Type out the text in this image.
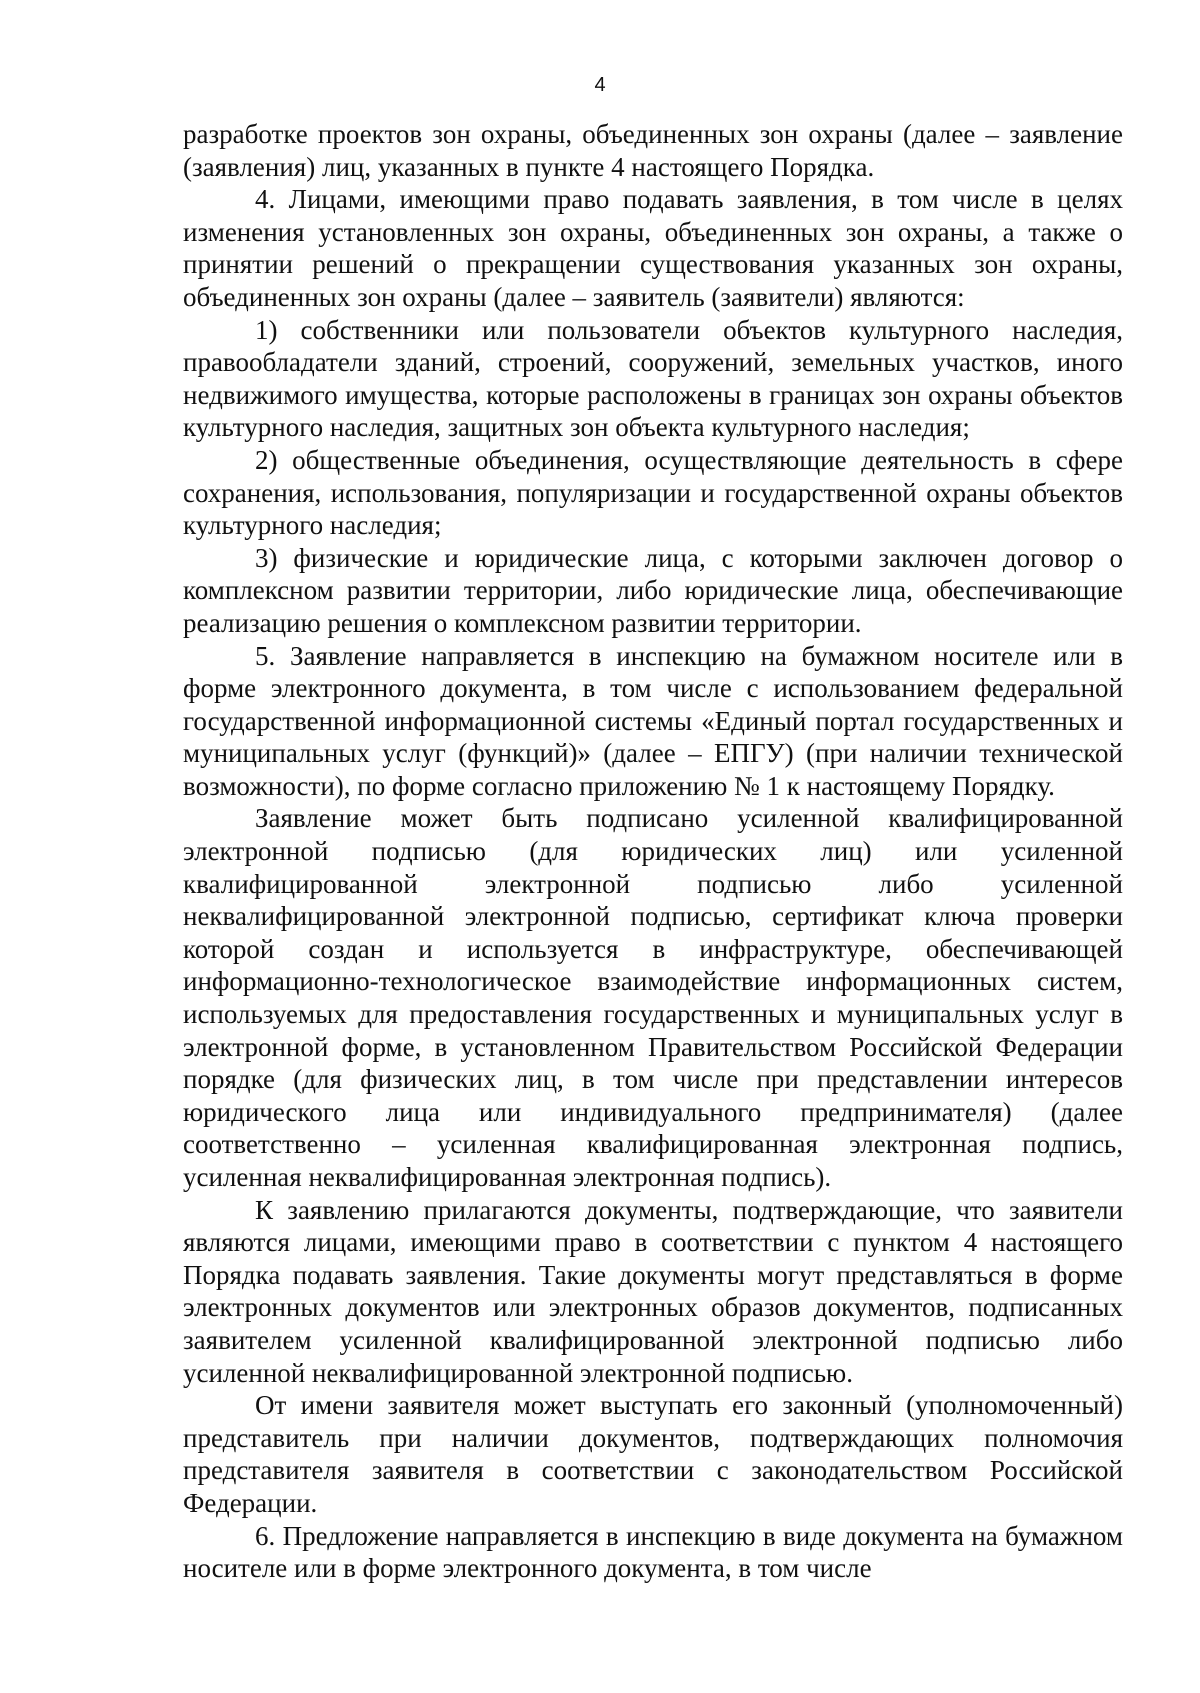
4

разработке проектов зон охраны, объединенных зон охраны (далее – заявление (заявления) лиц, указанных в пункте 4 настоящего Порядка.

4. Лицами, имеющими право подавать заявления, в том числе в целях изменения установленных зон охраны, объединенных зон охраны, а также о принятии решений о прекращении существования указанных зон охраны, объединенных зон охраны (далее – заявитель (заявители) являются:

1) собственники или пользователи объектов культурного наследия, правообладатели зданий, строений, сооружений, земельных участков, иного недвижимого имущества, которые расположены в границах зон охраны объектов культурного наследия, защитных зон объекта культурного наследия;

2) общественные объединения, осуществляющие деятельность в сфере сохранения, использования, популяризации и государственной охраны объектов культурного наследия;

3) физические и юридические лица, с которыми заключен договор о комплексном развитии территории, либо юридические лица, обеспечивающие реализацию решения о комплексном развитии территории.

5. Заявление направляется в инспекцию на бумажном носителе или в форме электронного документа, в том числе с использованием федеральной государственной информационной системы «Единый портал государственных и муниципальных услуг (функций)» (далее – ЕПГУ) (при наличии технической возможности), по форме согласно приложению № 1 к настоящему Порядку.

Заявление может быть подписано усиленной квалифицированной электронной подписью (для юридических лиц) или усиленной квалифицированной электронной подписью либо усиленной неквалифицированной электронной подписью, сертификат ключа проверки которой создан и используется в инфраструктуре, обеспечивающей информационно-технологическое взаимодействие информационных систем, используемых для предоставления государственных и муниципальных услуг в электронной форме, в установленном Правительством Российской Федерации порядке (для физических лиц, в том числе при представлении интересов юридического лица или индивидуального предпринимателя) (далее соответственно – усиленная квалифицированная электронная подпись, усиленная неквалифицированная электронная подпись).

К заявлению прилагаются документы, подтверждающие, что заявители являются лицами, имеющими право в соответствии с пунктом 4 настоящего Порядка подавать заявления. Такие документы могут представляться в форме электронных документов или электронных образов документов, подписанных заявителем усиленной квалифицированной электронной подписью либо усиленной неквалифицированной электронной подписью.

От имени заявителя может выступать его законный (уполномоченный) представитель при наличии документов, подтверждающих полномочия представителя заявителя в соответствии с законодательством Российской Федерации.

6. Предложение направляется в инспекцию в виде документа на бумажном носителе или в форме электронного документа, в том числе
